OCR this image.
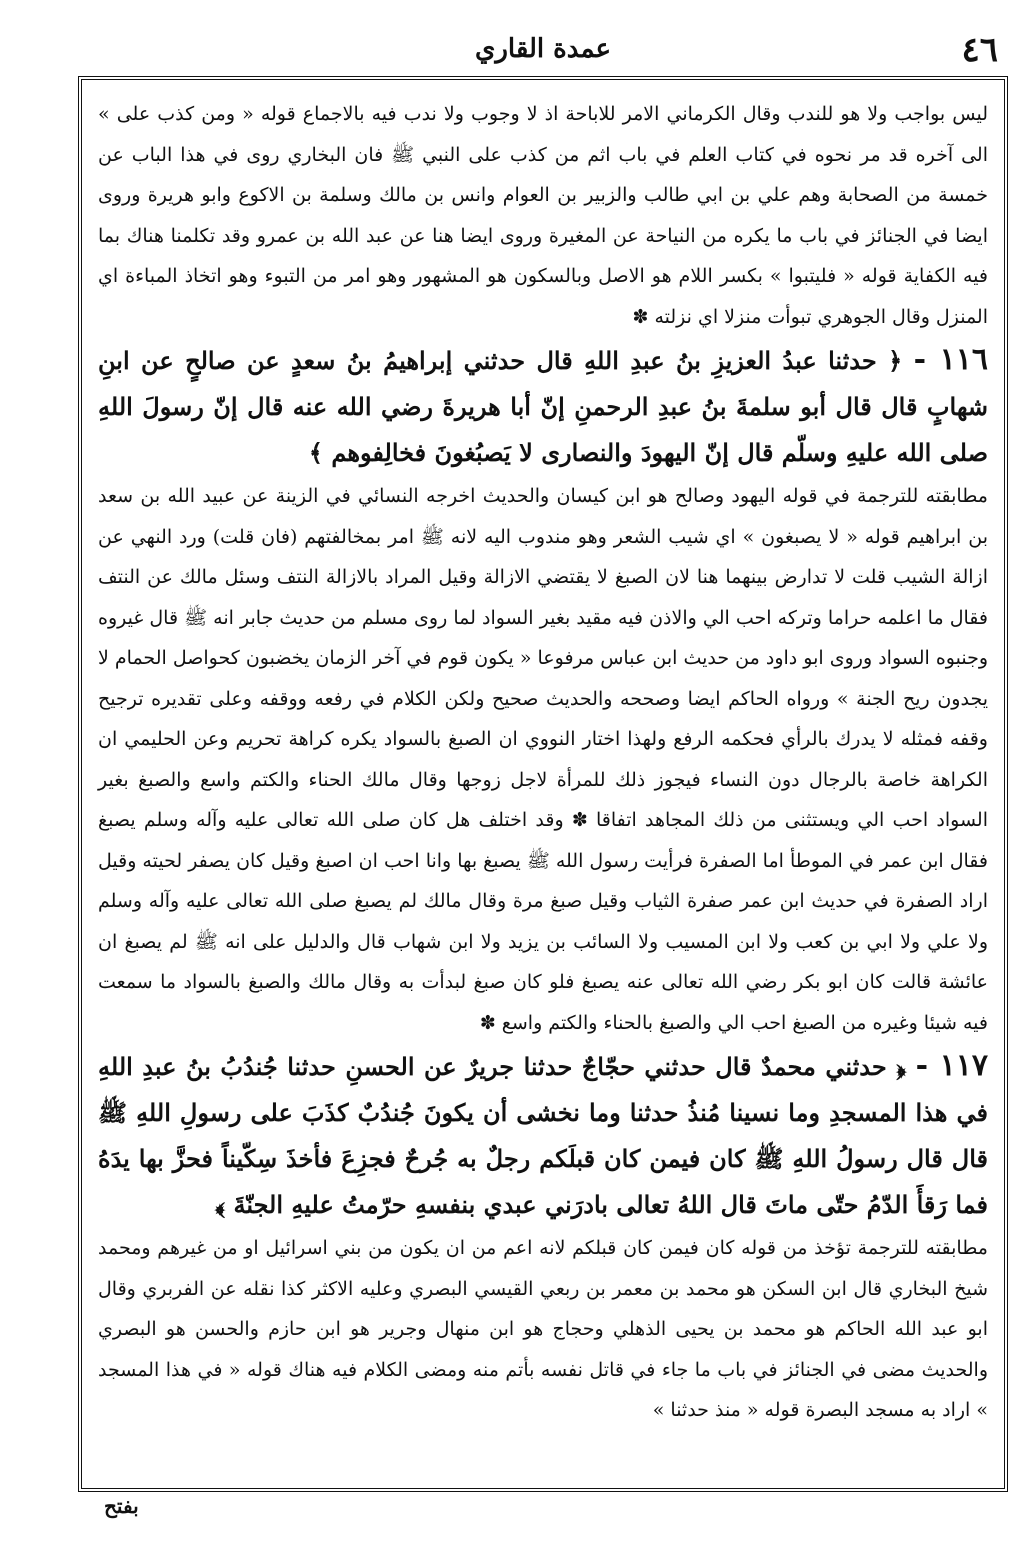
٤٦
عمدة القاري

ليس بواجب ولا هو للندب وقال الكرماني الامر للاباحة اذ لا وجوب ولا ندب فيه بالاجماع قوله « ومن كذب على » الى آخره قد مر نحوه في كتاب العلم في باب اثم من كذب على النبي ﷺ فان البخاري روى في هذا الباب عن خمسة من الصحابة وهم علي بن ابي طالب والزبير بن العوام وانس بن مالك وسلمة بن الاكوع وابو هريرة وروى ايضا في الجنائز في باب ما يكره من النياحة عن المغيرة وروى ايضا هنا عن عبد الله بن عمرو وقد تكلمنا هناك بما فيه الكفاية قوله « فليتبوا » بكسر اللام هو الاصل وبالسكون هو المشهور وهو امر من التبوء وهو اتخاذ المباءة اي المنزل وقال الجوهري تبوأت منزلا اي نزلته ✽

١١٦ - ﴿ حدثنا عبدُ العزيزِ بنُ عبدِ اللهِ قال حدثني إبراهيمُ بنُ سعدٍ عن صالحٍ عن ابنِ شهابٍ قال قال أبو سلمةَ بنُ عبدِ الرحمنِ إنّ أبا هريرةَ رضي الله عنه قال إنّ رسولَ اللهِ صلى الله عليهِ وسلّم قال إنّ اليهودَ والنصارى لا يَصبُغونَ فخالِفوهم ﴾

مطابقته للترجمة في قوله اليهود وصالح هو ابن كيسان والحديث اخرجه النسائي في الزينة عن عبيد الله بن سعد بن ابراهيم قوله « لا يصبغون » اي شيب الشعر وهو مندوب اليه لانه ﷺ امر بمخالفتهم (فان قلت) ورد النهي عن ازالة الشيب قلت لا تدارض بينهما هنا لان الصبغ لا يقتضي الازالة وقيل المراد بالازالة النتف وسئل مالك عن النتف فقال ما اعلمه حراما وتركه احب الي والاذن فيه مقيد بغير السواد لما روى مسلم من حديث جابر انه ﷺ قال غيروه وجنبوه السواد وروى ابو داود من حديث ابن عباس مرفوعا « يكون قوم في آخر الزمان يخضبون كحواصل الحمام لا يجدون ريح الجنة » ورواه الحاكم ايضا وصححه والحديث صحيح ولكن الكلام في رفعه ووقفه وعلى تقديره ترجيح وقفه فمثله لا يدرك بالرأي فحكمه الرفع ولهذا اختار النووي ان الصبغ بالسواد يكره كراهة تحريم وعن الحليمي ان الكراهة خاصة بالرجال دون النساء فيجوز ذلك للمرأة لاجل زوجها وقال مالك الحناء والكتم واسع والصبغ بغير السواد احب الي ويستثنى من ذلك المجاهد اتفاقا ✽ وقد اختلف هل كان صلى الله تعالى عليه وآله وسلم يصبغ فقال ابن عمر في الموطأ اما الصفرة فرأيت رسول الله ﷺ يصبغ بها وانا احب ان اصبغ وقيل كان يصفر لحيته وقيل اراد الصفرة في حديث ابن عمر صفرة الثياب وقيل صبغ مرة وقال مالك لم يصبغ صلى الله تعالى عليه وآله وسلم ولا علي ولا ابي بن كعب ولا ابن المسيب ولا السائب بن يزيد ولا ابن شهاب قال والدليل على انه ﷺ لم يصبغ ان عائشة قالت كان ابو بكر رضي الله تعالى عنه يصبغ فلو كان صبغ لبدأت به وقال مالك والصبغ بالسواد ما سمعت فيه شيئا وغيره من الصبغ احب الي والصبغ بالحناء والكتم واسع ✽

١١٧ - ﴿ حدثني محمدٌ قال حدثني حجّاجٌ حدثنا جريرٌ عن الحسنِ حدثنا جُندُبُ بنُ عبدِ اللهِ في هذا المسجدِ وما نسينا مُنذُ حدثنا وما نخشى أن يكونَ جُندُبٌ كذَبَ على رسولِ اللهِ ﷺ قال قال رسولُ اللهِ ﷺ كان فيمن كان قبلَكم رجلٌ به جُرحٌ فجزِعَ فأخذَ سِكّيناً فحزَّ بها يدَهُ فما رَقأَ الدّمُ حتّى ماتَ قال اللهُ تعالى بادرَني عبدي بنفسهِ حرّمتُ عليهِ الجنّةَ ﴾

مطابقته للترجمة تؤخذ من قوله كان فيمن كان قبلكم لانه اعم من ان يكون من بني اسرائيل او من غيرهم ومحمد شيخ البخاري قال ابن السكن هو محمد بن معمر بن ربعي القيسي البصري وعليه الاكثر كذا نقله عن الفربري وقال ابو عبد الله الحاكم هو محمد بن يحيى الذهلي وحجاج هو ابن منهال وجرير هو ابن حازم والحسن هو البصري والحديث مضى في الجنائز في باب ما جاء في قاتل نفسه بأتم منه ومضى الكلام فيه هناك قوله « في هذا المسجد » اراد به مسجد البصرة قوله « منذ حدثنا »

بفتح
